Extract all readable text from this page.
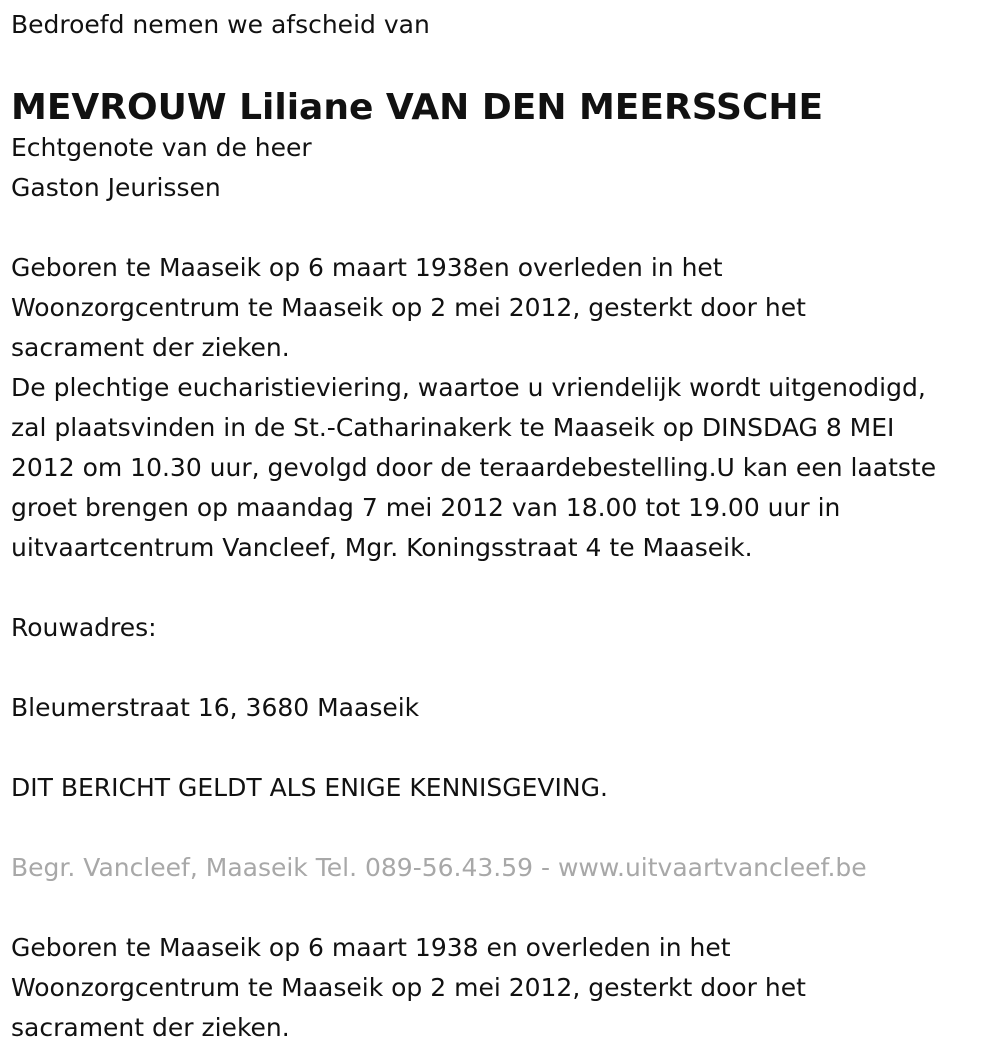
Bedroefd nemen we afscheid van

MEVROUW Liliane VAN DEN MEERSSCHE

Echtgenote van de heer

Gaston Jeurissen

Geboren te Maaseik op 6 maart 1938en overleden in het

Woonzorgcentrum te Maaseik op 2 mei 2012, gesterkt door het

sacrament der zieken.

De plechtige eucharistieviering, waartoe u vriendelijk wordt uitgenodigd,

zal plaatsvinden in de St.-Catharinakerk te Maaseik op DINSDAG 8 MEI

2012 om 10.30 uur, gevolgd door de teraardebestelling.U kan een laatste

groet brengen op maandag 7 mei 2012 van 18.00 tot 19.00 uur in

uitvaartcentrum Vancleef, Mgr. Koningsstraat 4 te Maaseik.

Rouwadres:

Bleumerstraat 16, 3680 Maaseik

DIT BERICHT GELDT ALS ENIGE KENNISGEVING.

Begr. Vancleef, Maaseik Tel. 089-56.43.59 - www.uitvaartvancleef.be

Geboren te Maaseik op 6 maart 1938 en overleden in het

Woonzorgcentrum te Maaseik op 2 mei 2012, gesterkt door het

sacrament der zieken.
